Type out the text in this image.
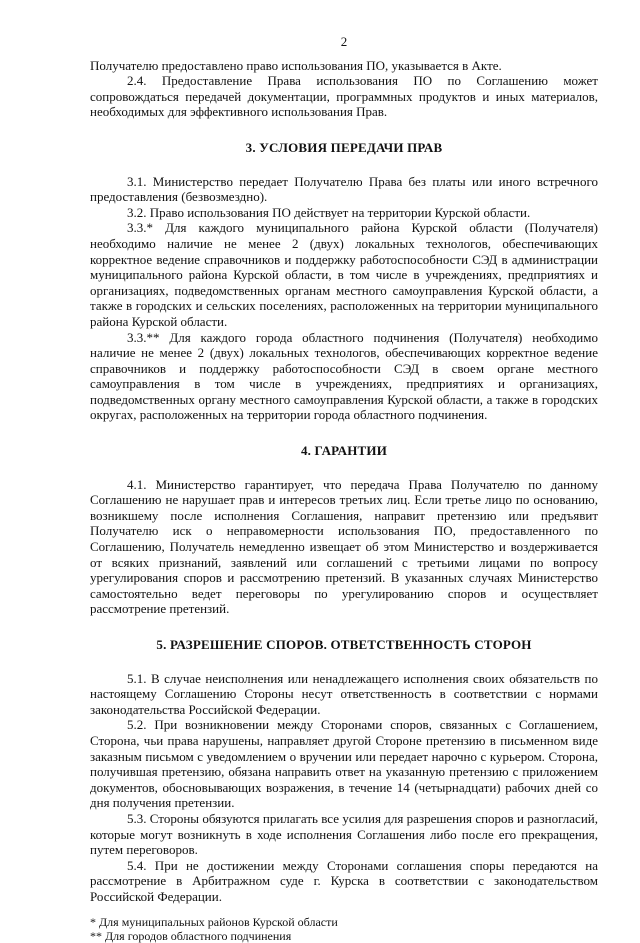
2

Получателю предоставлено право использования ПО, указывается в Акте.

2.4. Предоставление Права использования ПО по Соглашению может сопровождаться передачей документации, программных продуктов и иных материалов, необходимых для эффективного использования Прав.

3. УСЛОВИЯ ПЕРЕДАЧИ ПРАВ

3.1. Министерство передает Получателю Права без платы или иного встречного предоставления (безвозмездно).

3.2. Право использования ПО действует на территории Курской области.

3.3.* Для каждого муниципального района Курской области (Получателя) необходимо наличие не менее 2 (двух) локальных технологов, обеспечивающих корректное ведение справочников и поддержку работоспособности СЭД в администрации муниципального района Курской области, в том числе в учреждениях, предприятиях и организациях, подведомственных органам местного самоуправления Курской области, а также в городских и сельских поселениях, расположенных на территории муниципального района Курской области.

3.3.** Для каждого города областного подчинения (Получателя) необходимо наличие не менее 2 (двух) локальных технологов, обеспечивающих корректное ведение справочников и поддержку работоспособности СЭД в своем органе местного самоуправления в том числе в учреждениях, предприятиях и организациях, подведомственных органу местного самоуправления Курской области, а также в городских округах, расположенных на территории города областного подчинения.

4. ГАРАНТИИ

4.1. Министерство гарантирует, что передача Права Получателю по данному Соглашению не нарушает прав и интересов третьих лиц. Если третье лицо по основанию, возникшему после исполнения Соглашения, направит претензию или предъявит Получателю иск о неправомерности использования ПО, предоставленного по Соглашению, Получатель немедленно извещает об этом Министерство и воздерживается от всяких признаний, заявлений или соглашений с третьими лицами по вопросу урегулирования споров и рассмотрению претензий. В указанных случаях Министерство самостоятельно ведет переговоры по урегулированию споров и осуществляет рассмотрение претензий.

5. РАЗРЕШЕНИЕ СПОРОВ. ОТВЕТСТВЕННОСТЬ СТОРОН

5.1. В случае неисполнения или ненадлежащего исполнения своих обязательств по настоящему Соглашению Стороны несут ответственность в соответствии с нормами законодательства Российской Федерации.

5.2. При возникновении между Сторонами споров, связанных с Соглашением, Сторона, чьи права нарушены, направляет другой Стороне претензию в письменном виде заказным письмом с уведомлением о вручении или передает нарочно с курьером. Сторона, получившая претензию, обязана направить ответ на указанную претензию с приложением документов, обосновывающих возражения, в течение 14 (четырнадцати) рабочих дней со дня получения претензии.

5.3. Стороны обязуются прилагать все усилия для разрешения споров и разногласий, которые могут возникнуть в ходе исполнения Соглашения либо после его прекращения, путем переговоров.

5.4. При не достижении между Сторонами соглашения споры передаются на рассмотрение в Арбитражном суде г. Курска в соответствии с законодательством Российской Федерации.

* Для муниципальных районов Курской области

** Для городов областного подчинения
